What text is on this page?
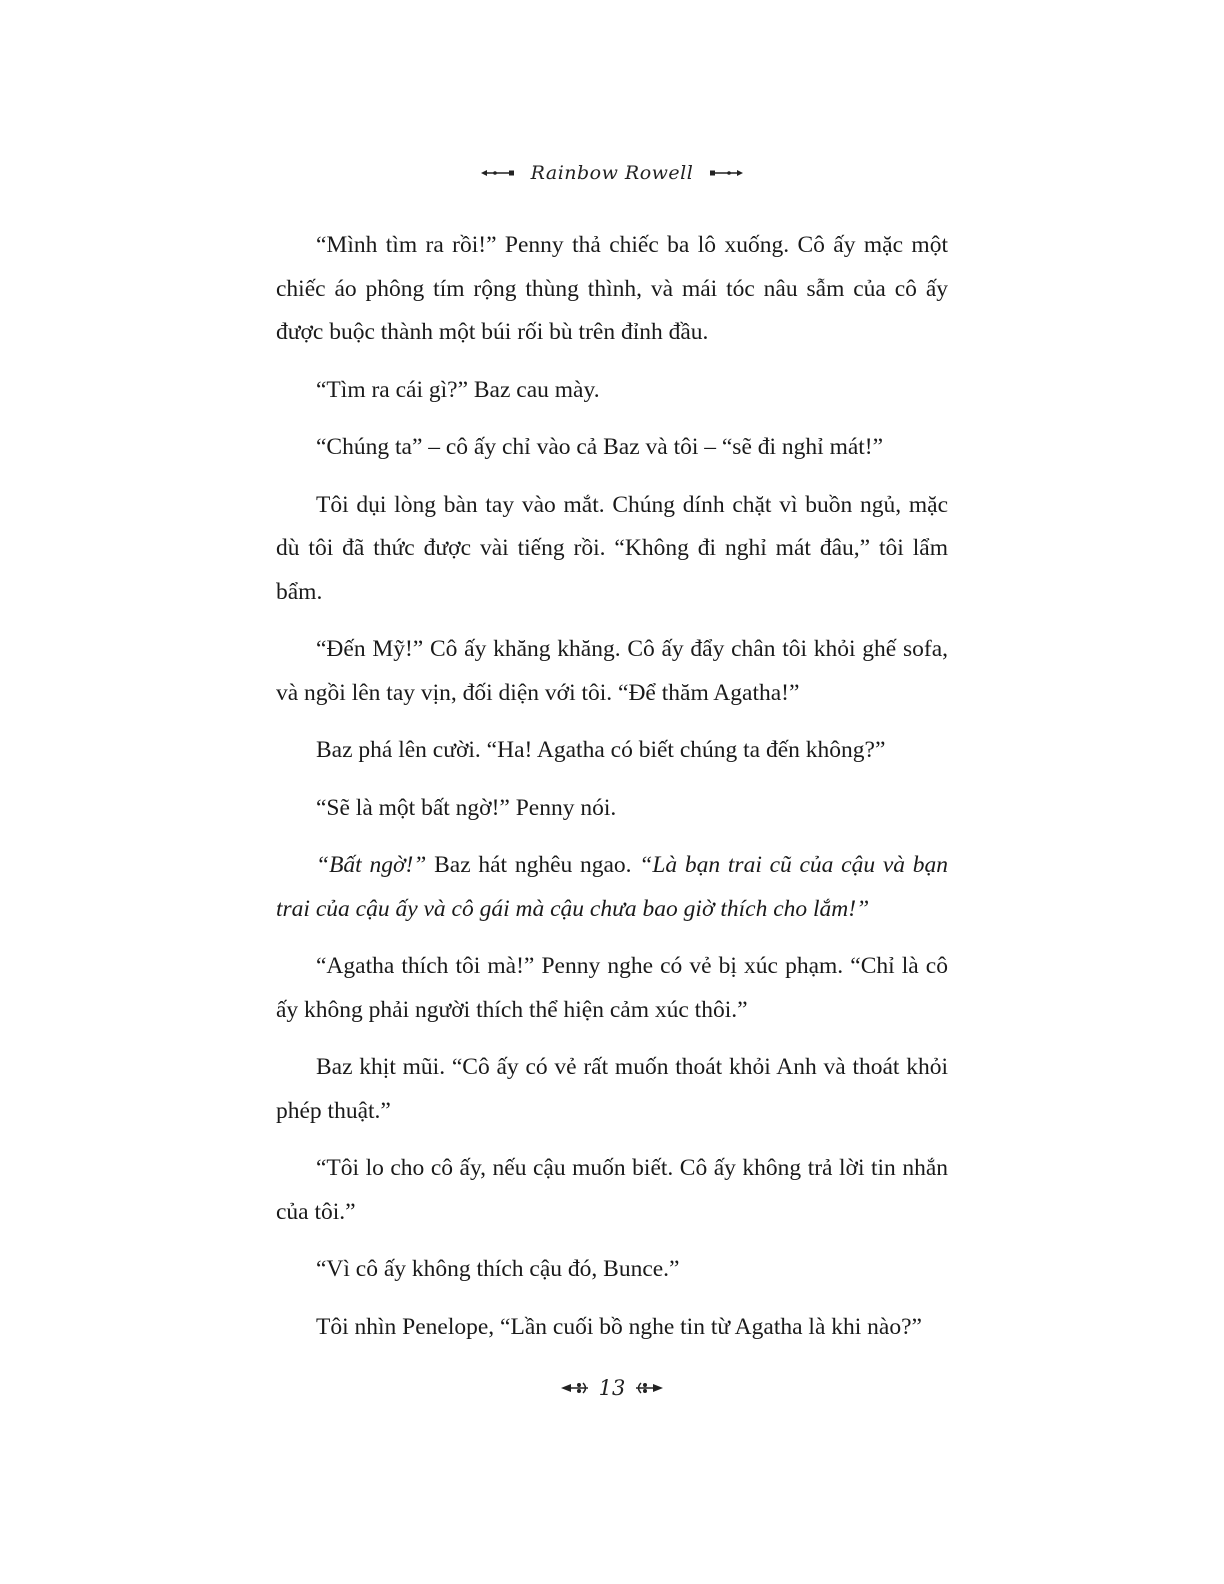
Rainbow Rowell

“Mình tìm ra rồi!” Penny thả chiếc ba lô xuống. Cô ấy mặc một chiếc áo phông tím rộng thùng thình, và mái tóc nâu sẫm của cô ấy được buộc thành một búi rối bù trên đỉnh đầu.

“Tìm ra cái gì?” Baz cau mày.

“Chúng ta” – cô ấy chỉ vào cả Baz và tôi – “sẽ đi nghỉ mát!”

Tôi dụi lòng bàn tay vào mắt. Chúng dính chặt vì buồn ngủ, mặc dù tôi đã thức được vài tiếng rồi. “Không đi nghỉ mát đâu,” tôi lẩm bẩm.

“Đến Mỹ!” Cô ấy khăng khăng. Cô ấy đẩy chân tôi khỏi ghế sofa, và ngồi lên tay vịn, đối diện với tôi. “Để thăm Agatha!”

Baz phá lên cười. “Ha! Agatha có biết chúng ta đến không?”

“Sẽ là một bất ngờ!” Penny nói.

“Bất ngờ!” Baz hát nghêu ngao. “Là bạn trai cũ của cậu và bạn trai của cậu ấy và cô gái mà cậu chưa bao giờ thích cho lắm!”

“Agatha thích tôi mà!” Penny nghe có vẻ bị xúc phạm. “Chỉ là cô ấy không phải người thích thể hiện cảm xúc thôi.”

Baz khịt mũi. “Cô ấy có vẻ rất muốn thoát khỏi Anh và thoát khỏi phép thuật.”

“Tôi lo cho cô ấy, nếu cậu muốn biết. Cô ấy không trả lời tin nhắn của tôi.”

“Vì cô ấy không thích cậu đó, Bunce.”

Tôi nhìn Penelope, “Lần cuối bồ nghe tin từ Agatha là khi nào?”

13
